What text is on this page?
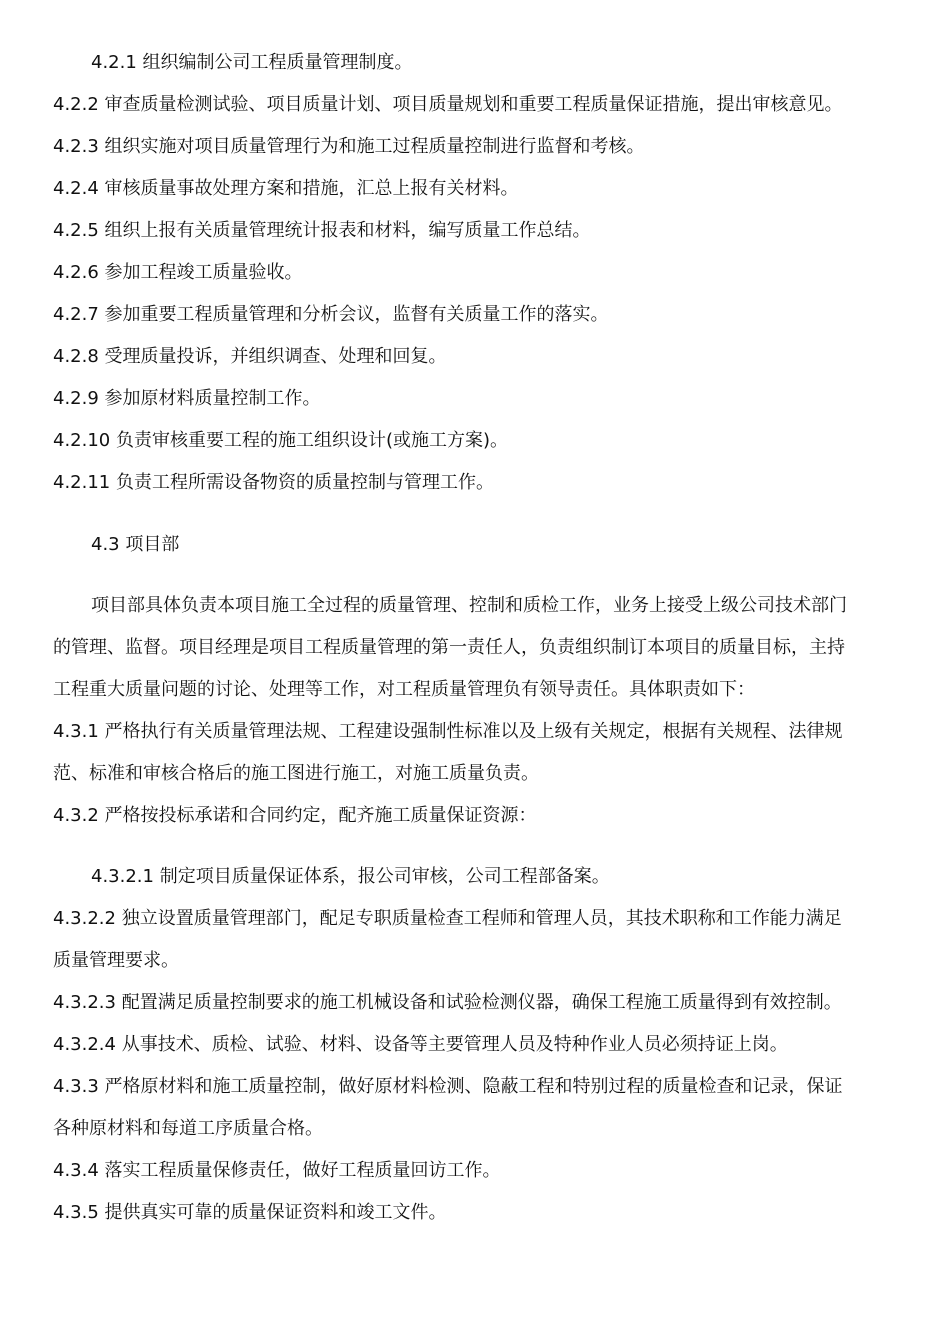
4.2.1 组织编制公司工程质量管理制度。
4.2.2 审查质量检测试验、项目质量计划、项目质量规划和重要工程质量保证措施，提出审核意见。
4.2.3 组织实施对项目质量管理行为和施工过程质量控制进行监督和考核。
4.2.4 审核质量事故处理方案和措施，汇总上报有关材料。
4.2.5 组织上报有关质量管理统计报表和材料，编写质量工作总结。
4.2.6 参加工程竣工质量验收。
4.2.7 参加重要工程质量管理和分析会议，监督有关质量工作的落实。
4.2.8 受理质量投诉，并组织调查、处理和回复。
4.2.9 参加原材料质量控制工作。
4.2.10 负责审核重要工程的施工组织设计(或施工方案)。
4.2.11 负责工程所需设备物资的质量控制与管理工作。
4.3 项目部
项目部具体负责本项目施工全过程的质量管理、控制和质检工作，业务上接受上级公司技术部门
的管理、监督。项目经理是项目工程质量管理的第一责任人，负责组织制订本项目的质量目标，主持
工程重大质量问题的讨论、处理等工作，对工程质量管理负有领导责任。具体职责如下：
4.3.1 严格执行有关质量管理法规、工程建设强制性标准以及上级有关规定，根据有关规程、法律规
范、标准和审核合格后的施工图进行施工，对施工质量负责。
4.3.2 严格按投标承诺和合同约定，配齐施工质量保证资源：
4.3.2.1 制定项目质量保证体系，报公司审核，公司工程部备案。
4.3.2.2 独立设置质量管理部门，配足专职质量检查工程师和管理人员，其技术职称和工作能力满足
质量管理要求。
4.3.2.3 配置满足质量控制要求的施工机械设备和试验检测仪器，确保工程施工质量得到有效控制。
4.3.2.4 从事技术、质检、试验、材料、设备等主要管理人员及特种作业人员必须持证上岗。
4.3.3 严格原材料和施工质量控制，做好原材料检测、隐蔽工程和特别过程的质量检查和记录，保证
各种原材料和每道工序质量合格。
4.3.4 落实工程质量保修责任，做好工程质量回访工作。
4.3.5 提供真实可靠的质量保证资料和竣工文件。
